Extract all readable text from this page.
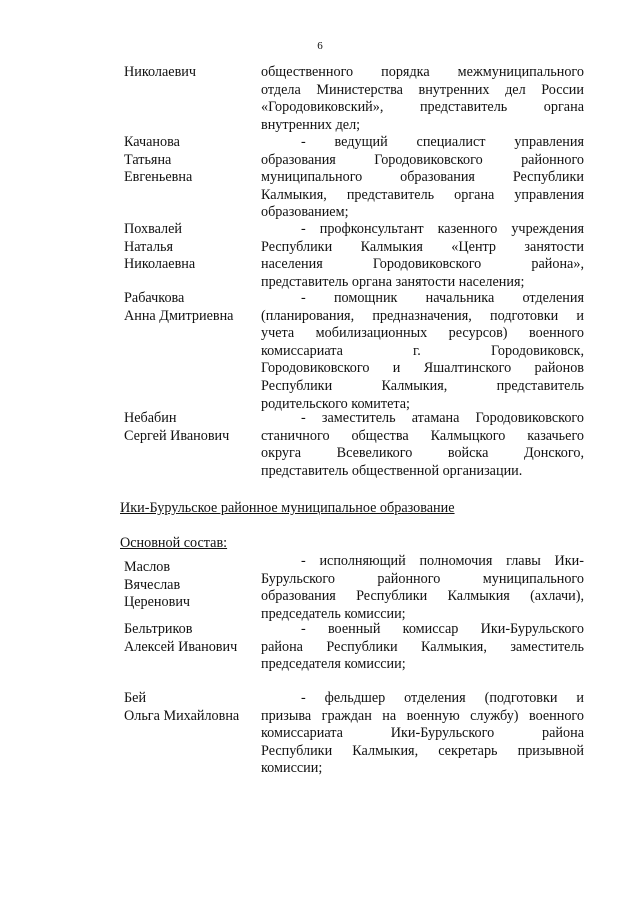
6
Николаевич	общественного порядка межмуниципального
отдела Министерства внутренних дел России
«Городовиковский», представитель органа
внутренних дел;
Качанова
Татьяна
Евгеньевна
- ведущий специалист управления
образования Городовиковского районного
муниципального образования Республики
Калмыкия, представитель органа управления
образованием;
Похвалей
Наталья
Николаевна
- профконсультант казенного учреждения
Республики Калмыкия «Центр занятости
населения Городовиковского района»,
представитель органа занятости населения;
Рабачкова
Анна Дмитриевна
- помощник начальника отделения
(планирования, предназначения, подготовки и
учета мобилизационных ресурсов) военного
комиссариата г. Городовиковск,
Городовиковского и Яшалтинского районов
Республики Калмыкия, представитель
родительского комитета;
Небабин
Сергей Иванович
- заместитель атамана Городовиковского
станичного общества Калмыцкого казачьего
округа Всевеликого войска Донского,
представитель общественной организации.
Ики-Бурульское районное муниципальное образование
Основной состав:
Маслов
Вячеслав
Церенович
- исполняющий полномочия главы Ики-
Бурульского районного муниципального
образования Республики Калмыкия (ахлачи),
председатель комиссии;
Бельтриков
Алексей Иванович
- военный комиссар Ики-Бурульского
района Республики Калмыкия, заместитель
председателя комиссии;
Бей
Ольга Михайловна
- фельдшер отделения (подготовки и
призыва граждан на военную службу) военного
комиссариата Ики-Бурульского района
Республики Калмыкия, секретарь призывной
комиссии;
